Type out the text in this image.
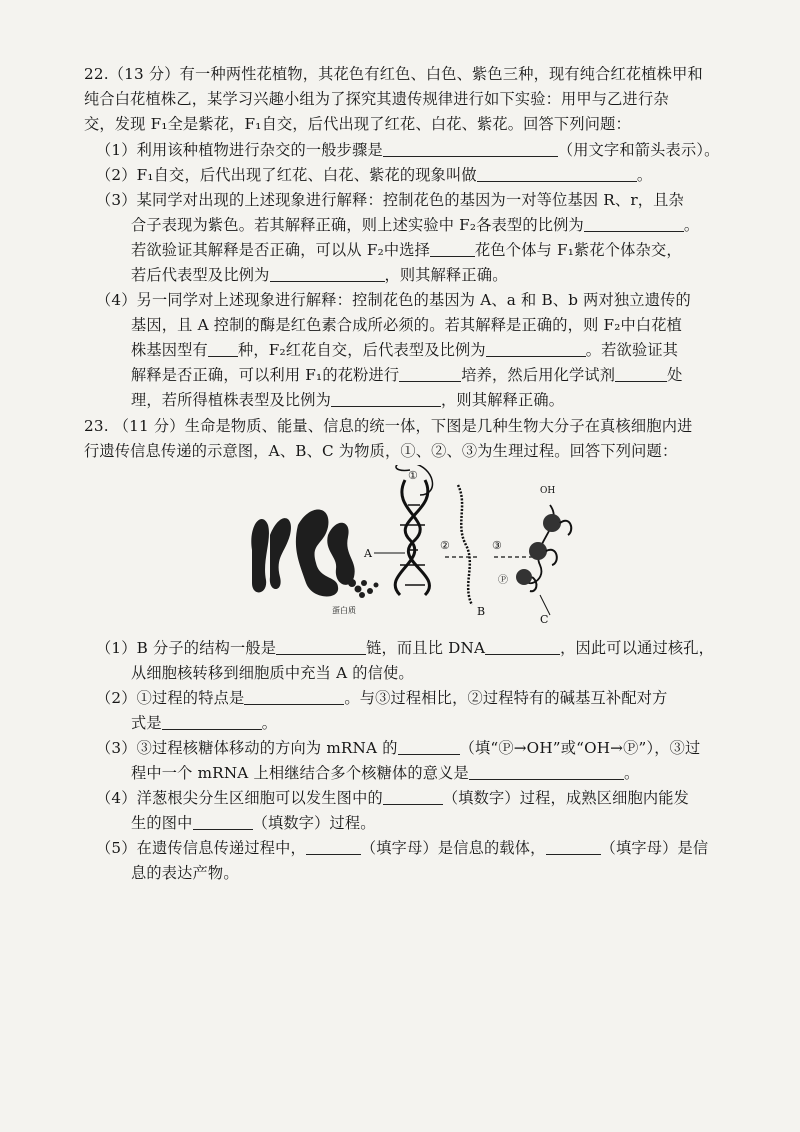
22.（13 分）有一种两性花植物，其花色有红色、白色、紫色三种，现有纯合红花植株甲和
纯合白花植株乙，某学习兴趣小组为了探究其遗传规律进行如下实验：用甲与乙进行杂
交，发现 F₁全是紫花，F₁自交，后代出现了红花、白花、紫花。回答下列问题：
（1）利用该种植物进行杂交的一般步骤是	（用文字和箭头表示）。
（2）F₁自交，后代出现了红花、白花、紫花的现象叫做	。
（3）某同学对出现的上述现象进行解释：控制花色的基因为一对等位基因 R、r，且杂
合子表现为紫色。若其解释正确，则上述实验中 F₂各表型的比例为	。
若欲验证其解释是否正确，可以从 F₂中选择	花色个体与 F₁紫花个体杂交，
若后代表型及比例为	，则其解释正确。
（4）另一同学对上述现象进行解释：控制花色的基因为 A、a 和 B、b 两对独立遗传的
基因，且 A 控制的酶是红色素合成所必须的。若其解释是正确的，则 F₂中白花植
株基因型有 种，F₂红花自交，后代表型及比例为	。若欲验证其
解释是否正确，可以利用 F₁的花粉进行	培养，然后用化学试剂	处
理，若所得植株表型及比例为	，则其解释正确。
23. （11 分）生命是物质、能量、信息的统一体，下图是几种生物大分子在真核细胞内进
行遗传信息传递的示意图，A、B、C 为物质，①、②、③为生理过程。回答下列问题：
蛋白质
①
A
②
B
③
OH
Ⓟ
C
（1）B 分子的结构一般是	链，而且比 DNA	，因此可以通过核孔，
从细胞核转移到细胞质中充当 A 的信使。
（2）①过程的特点是	。与③过程相比，②过程特有的碱基互补配对方
式是	。
（3）③过程核糖体移动的方向为 mRNA 的	（填“Ⓟ→OH”或“OH→Ⓟ”），③过
程中一个 mRNA 上相继结合多个核糖体的意义是	。
（4）洋葱根尖分生区细胞可以发生图中的	（填数字）过程，成熟区细胞内能发
生的图中	（填数字）过程。
（5）在遗传信息传递过程中，	（填字母）是信息的载体，	（填字母）是信
息的表达产物。
